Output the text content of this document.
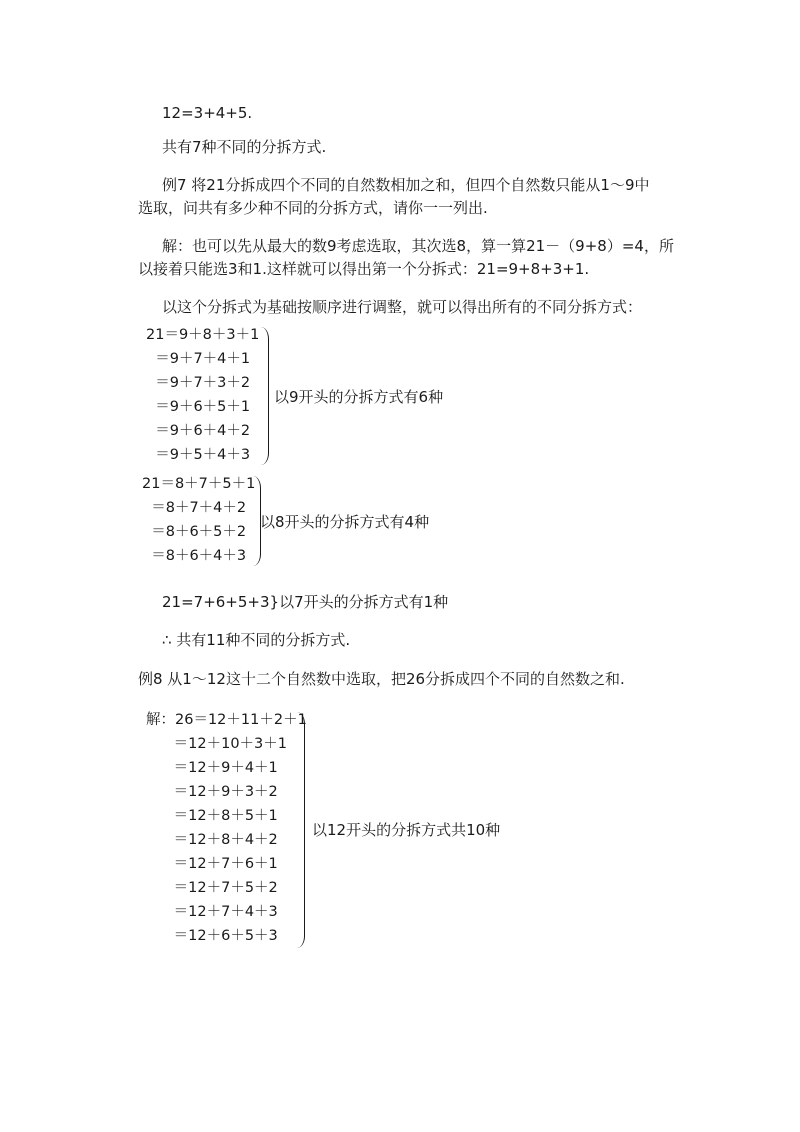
12=3+4+5.
共有7种不同的分拆方式.
例7 将21分拆成四个不同的自然数相加之和，但四个自然数只能从1～9中
选取，问共有多少种不同的分拆方式，请你一一列出.
解：也可以先从最大的数9考虑选取，其次选8，算一算21－（9+8）=4，所
以接着只能选3和1.这样就可以得出第一个分拆式：21=9+8+3+1.
以这个分拆式为基础按顺序进行调整，就可以得出所有的不同分拆方式：
21＝9＋8＋3＋1
＝9＋7＋4＋1
＝9＋7＋3＋2
＝9＋6＋5＋1
＝9＋6＋4＋2
＝9＋5＋4＋3
以9开头的分拆方式有6种
21＝8＋7＋5＋1
＝8＋7＋4＋2
＝8＋6＋5＋2
＝8＋6＋4＋3
以8开头的分拆方式有4种
21=7+6+5+3}以7开头的分拆方式有1种
∴ 共有11种不同的分拆方式.
例8 从1～12这十二个自然数中选取，把26分拆成四个不同的自然数之和.
解：26＝12＋11＋2＋1
＝12＋10＋3＋1
＝12＋9＋4＋1
＝12＋9＋3＋2
＝12＋8＋5＋1
＝12＋8＋4＋2
＝12＋7＋6＋1
＝12＋7＋5＋2
＝12＋7＋4＋3
＝12＋6＋5＋3
以12开头的分拆方式共10种
